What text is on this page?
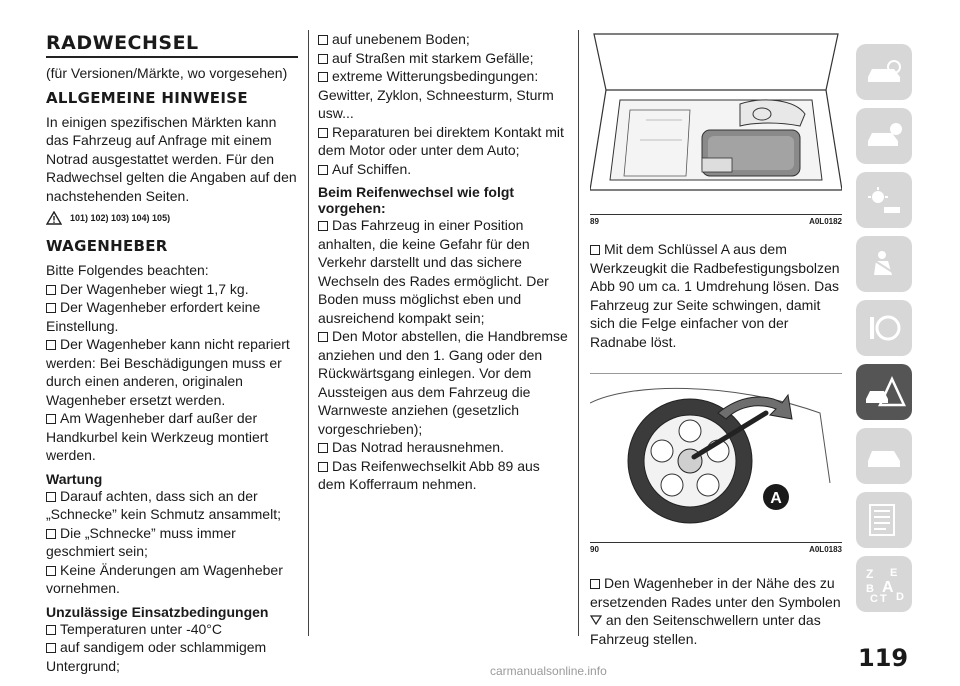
RADWECHSEL

(für Versionen/Märkte, wo vorgesehen)

ALLGEMEINE HINWEISE

In einigen spezifischen Märkten kann das Fahrzeug auf Anfrage mit einem Notrad ausgestattet werden. Für den Radwechsel gelten die Angaben auf den nachstehenden Seiten.

101) 102) 103) 104) 105)
WAGENHEBER

Bitte Folgendes beachten:

Der Wagenheber wiegt 1,7 kg.

Der Wagenheber erfordert keine Einstellung.

Der Wagenheber kann nicht repariert werden: Bei Beschädigungen muss er durch einen anderen, originalen Wagenheber ersetzt werden.

Am Wagenheber darf außer der Handkurbel kein Werkzeug montiert werden.

Wartung

Darauf achten, dass sich an der „Schnecke” kein Schmutz ansammelt;

Die „Schnecke” muss immer geschmiert sein;

Keine Änderungen am Wagenheber vornehmen.

Unzulässige Einsatzbedingungen

Temperaturen unter -40°C

auf sandigem oder schlammigem Untergrund;

auf unebenem Boden;

auf Straßen mit starkem Gefälle;

extreme Witterungsbedingungen: Gewitter, Zyklon, Schneesturm, Sturm usw...

Reparaturen bei direktem Kontakt mit dem Motor oder unter dem Auto;

Auf Schiffen.

Beim Reifenwechsel wie folgt vorgehen:

Das Fahrzeug in einer Position anhalten, die keine Gefahr für den Verkehr darstellt und das sichere Wechseln des Rades ermöglicht. Der Boden muss möglichst eben und ausreichend kompakt sein;

Den Motor abstellen, die Handbremse anziehen und den 1. Gang oder den Rückwärtsgang einlegen. Vor dem Aussteigen aus dem Fahrzeug die Warnweste anziehen (gesetzlich vorgeschrieben);

Das Notrad herausnehmen.

Das Reifenwechselkit Abb 89 aus dem Kofferraum nehmen.

89	A0L0182

Mit dem Schlüssel A aus dem Werkzeugkit die Radbefestigungsbolzen Abb 90 um ca. 1 Umdrehung lösen. Das Fahrzeug zur Seite schwingen, damit sich die Felge einfacher von der Radnabe löst.

A
90	A0L0183

Den Wagenheber in der Nähe des zu ersetzenden Rades unter den Symbolen  an den Seitenschwellern unter das Fahrzeug stellen.

Z E
B A
C T D
119
carmanualsonline.info
